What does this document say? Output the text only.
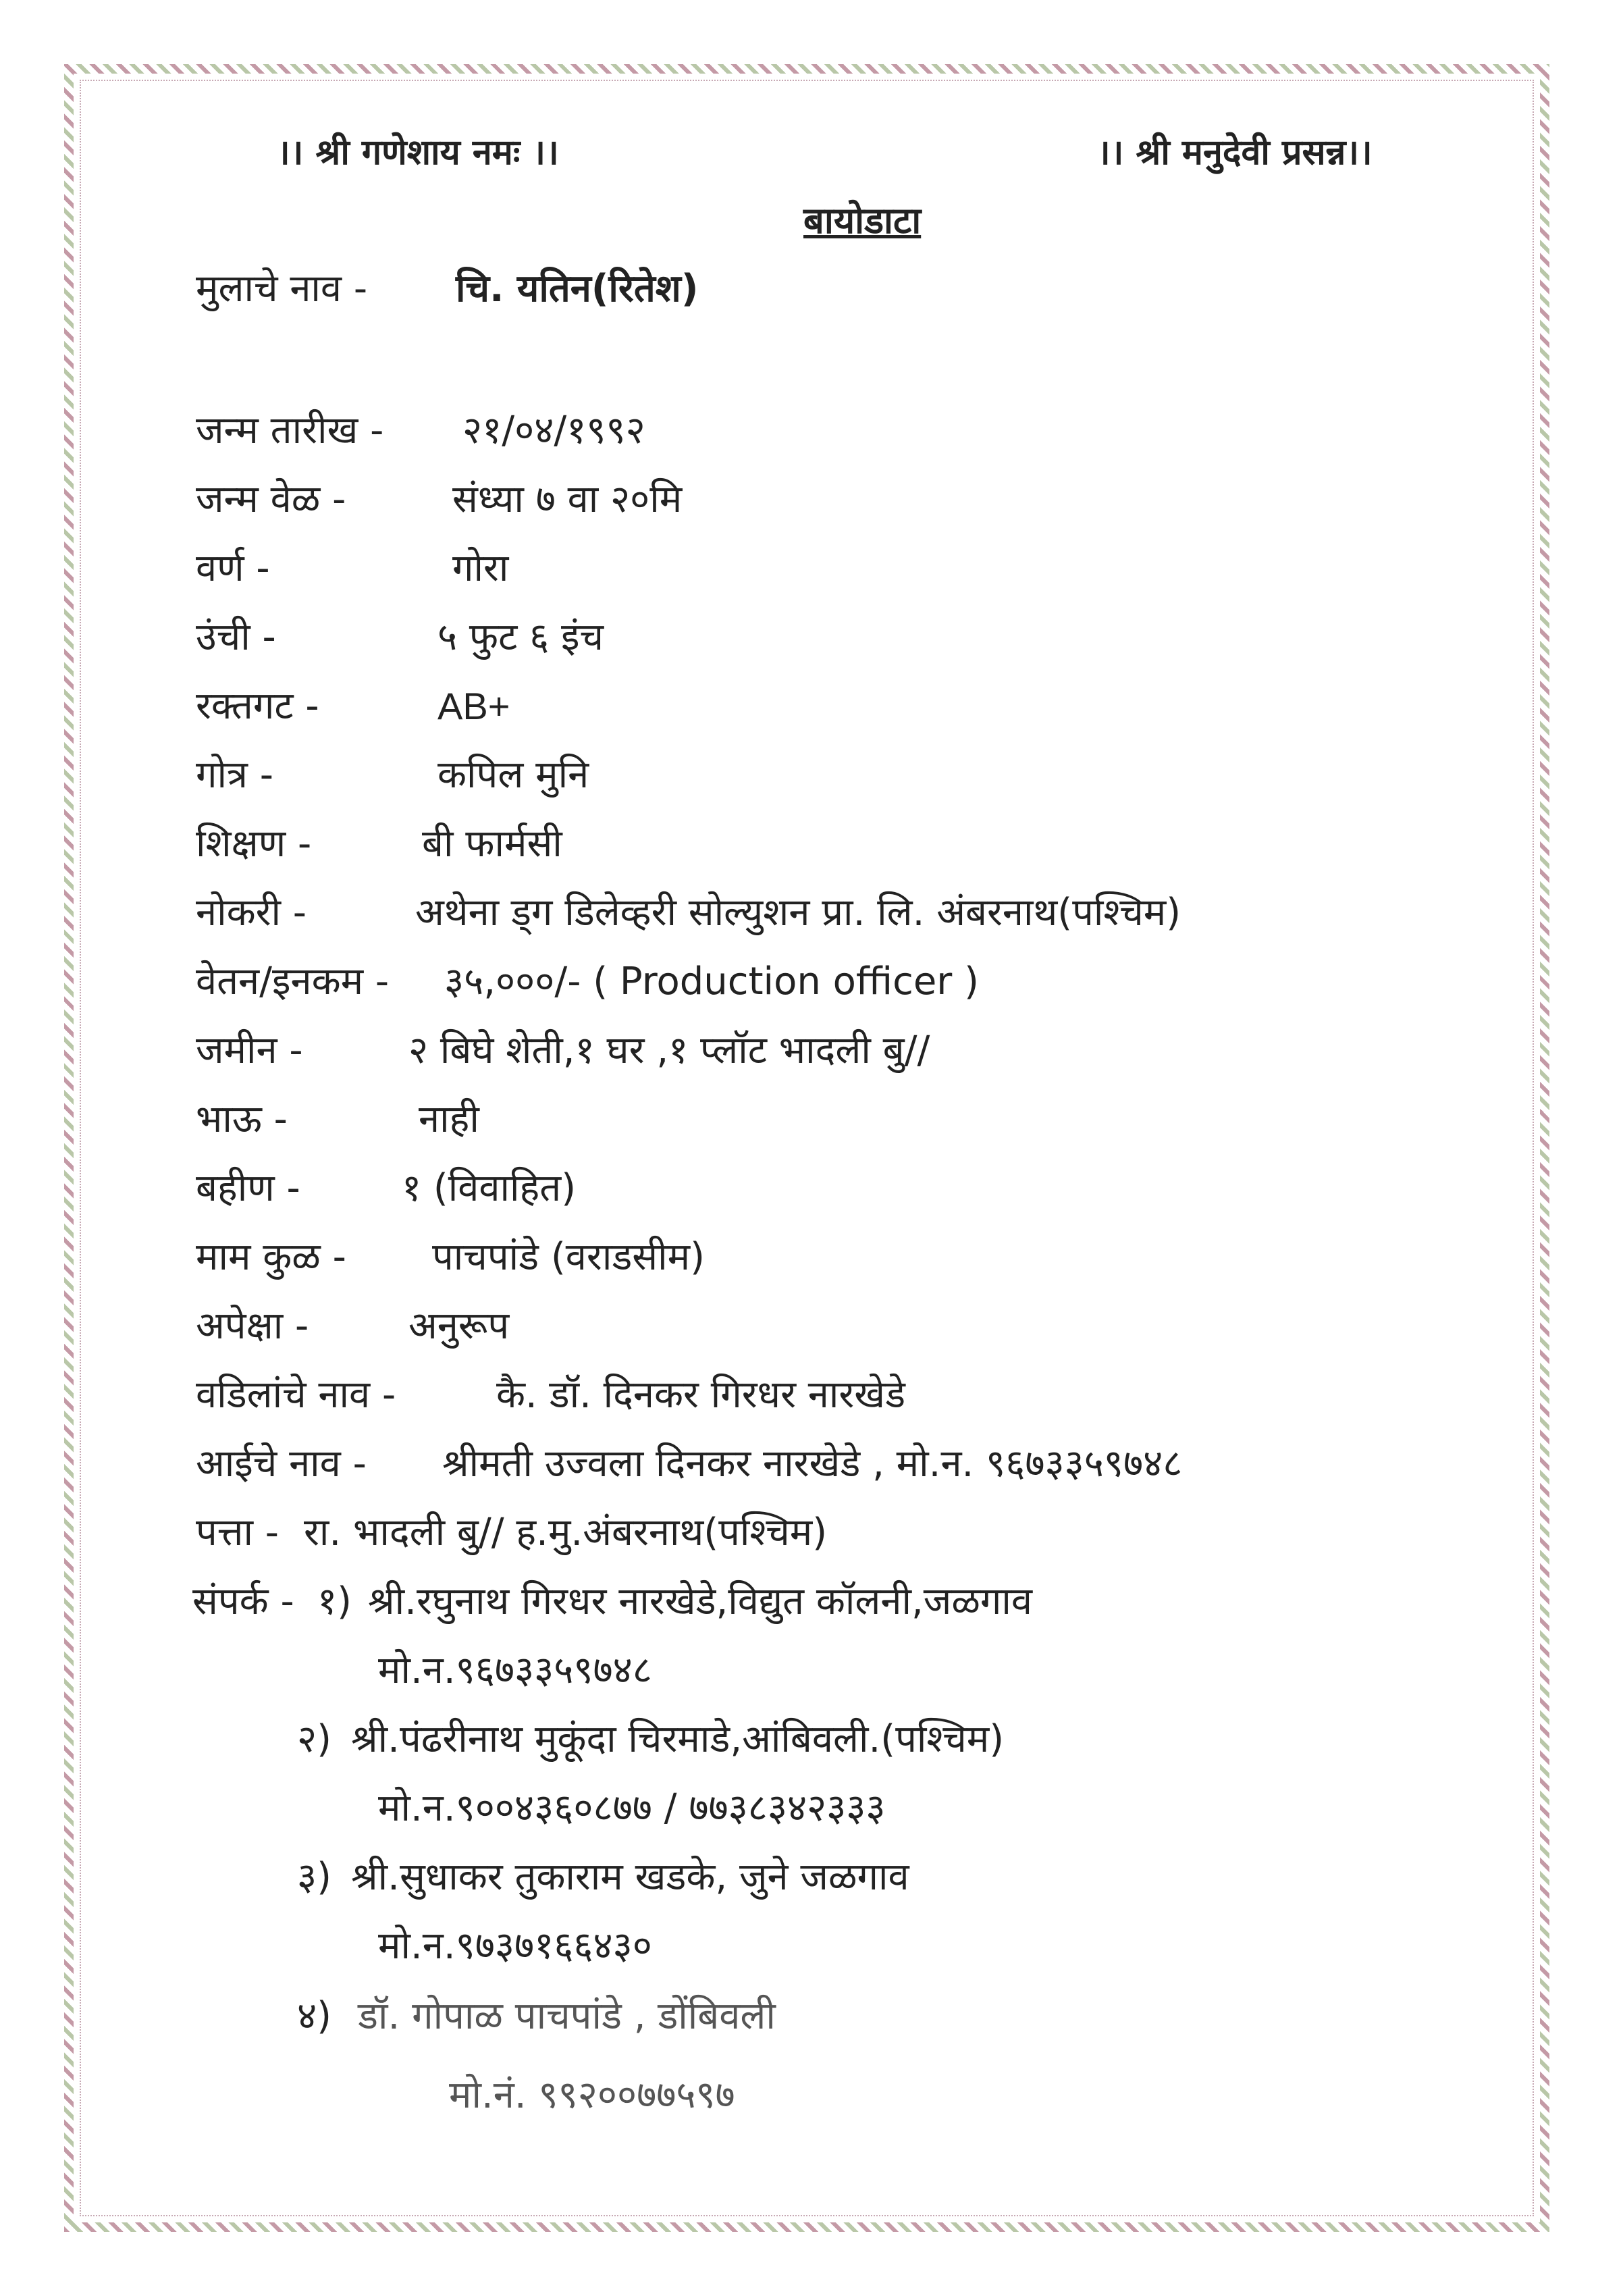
।। श्री गणेशाय नमः ।।	।। श्री मनुदेवी प्रसन्न।।
बायोडाटा
मुलाचे नाव - चि. यतिन(रितेश)
जन्म तारीख - २१/०४/१९९२
जन्म वेळ -	संध्या ७ वा २०मि
वर्ण -	गोरा
उंची -	५ फुट ६ इंच
रक्तगट -	AB+
गोत्र -	कपिल मुनि
शिक्षण -	बी फार्मसी
नोकरी -	अथेना ड्ग डिलेव्हरी सोल्युशन प्रा. लि. अंबरनाथ(पश्चिम)
वेतन/इनकम - ३५,०००/- ( Production officer )
जमीन -	२ बिघे शेती,१ घर ,१ प्लॉट भादली बु//
भाऊ -	नाही
बहीण -	१ (विवाहित)
माम कुळ - पाचपांडे (वराडसीम)
अपेक्षा -	अनुरूप
वडिलांचे नाव -	कै. डॉ. दिनकर गिरधर नारखेडे
आईचे नाव - श्रीमती उज्वला दिनकर नारखेडे , मो.न. ९६७३३५९७४८
पत्ता - रा. भादली बु// ह.मु.अंबरनाथ(पश्चिम)
संपर्क - १) श्री.रघुनाथ गिरधर नारखेडे,विद्युत कॉलनी,जळगाव
मो.न.९६७३३५९७४८
२) श्री.पंढरीनाथ मुकूंदा चिरमाडे,आंबिवली.(पश्चिम)
मो.न.९००४३६०८७७ / ७७३८३४२३३३
३) श्री.सुधाकर तुकाराम खडके, जुने जळगाव
मो.न.९७३७१६६४३०
४) डॉ. गोपाळ पाचपांडे , डोंबिवली
मो.नं. ९९२००७७५९७
